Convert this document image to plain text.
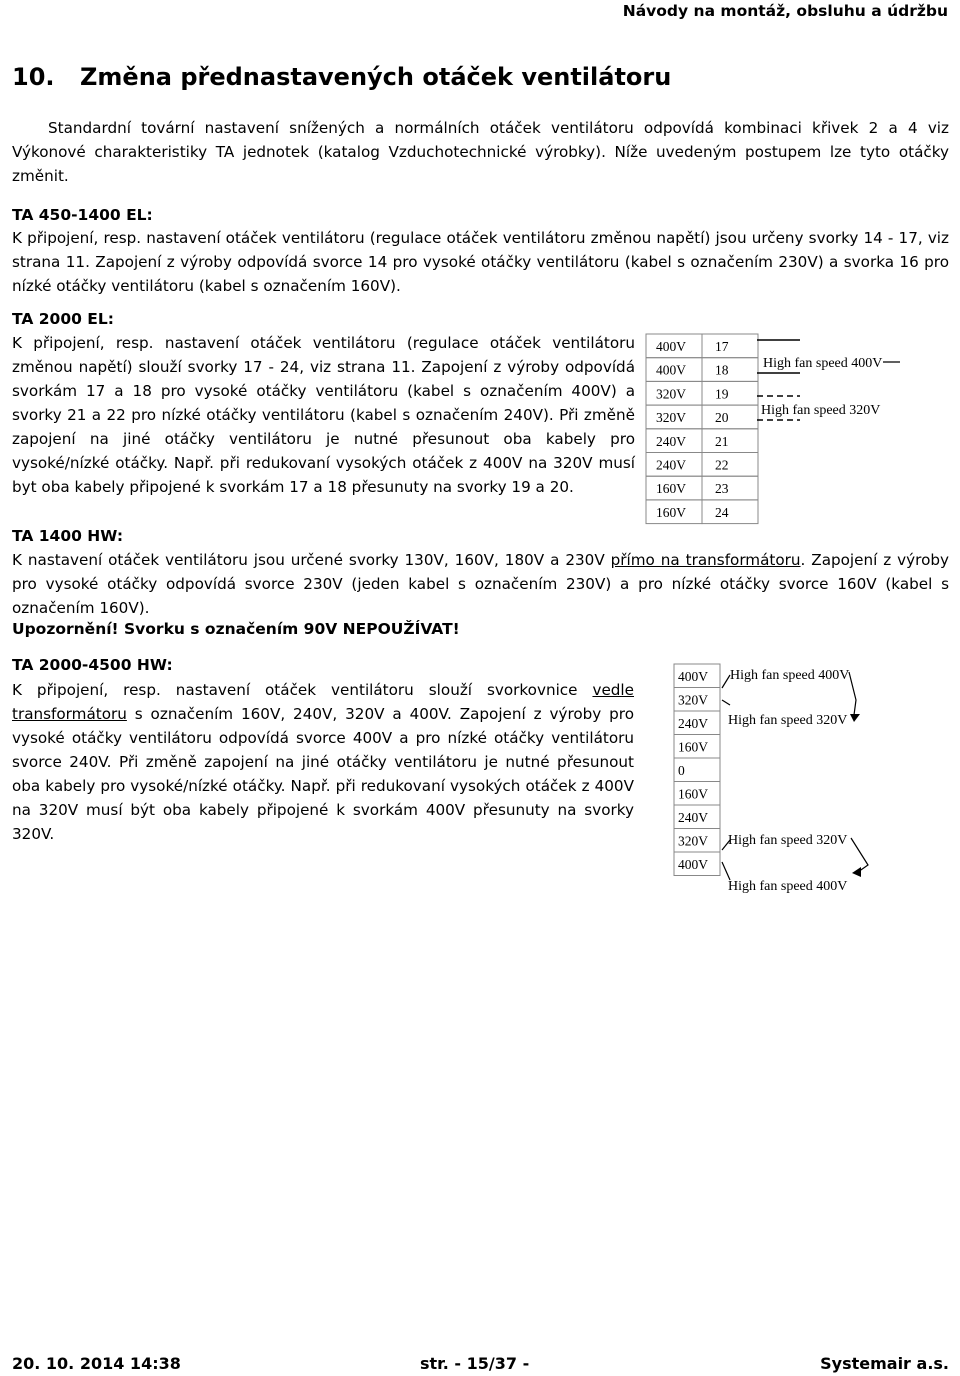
Návody na montáž, obsluhu a údržbu
10. Změna přednastavených otáček ventilátoru

Standardní tovární nastavení snížených a normálních otáček ventilátoru odpovídá kombinaci křivek 2 a 4 viz Výkonové charakteristiky TA jednotek (katalog Vzduchotechnické výrobky). Níže uvedeným postupem lze tyto otáčky změnit.

TA 450-1400 EL:

K připojení, resp. nastavení otáček ventilátoru (regulace otáček ventilátoru změnou napětí) jsou určeny svorky 14 - 17, viz strana 11. Zapojení z výroby odpovídá svorce 14 pro vysoké otáčky ventilátoru (kabel s označením 230V) a svorka 16 pro nízké otáčky ventilátoru (kabel s označením 160V).

TA 2000 EL:

K připojení, resp. nastavení otáček ventilátoru (regulace otáček ventilátoru změnou napětí) slouží svorky 17 - 24, viz strana 11. Zapojení z výroby odpovídá svorkám 17 a 18 pro vysoké otáčky ventilátoru (kabel s označením 400V) a svorky 21 a 22 pro nízké otáčky ventilátoru (kabel s označením 240V). Při změně zapojení na jiné otáčky ventilátoru je nutné přesunout oba kabely pro vysoké/nízké otáčky. Např. při redukovaní vysokých otáček z 400V na 320V musí byt oba kabely připojené k svorkám 17 a 18 přesunuty na svorky 19 a 20.

400V 17
400V 18
320V 19
320V 20
240V 21
240V 22
160V 23
160V 24
High fan speed 400V
High fan speed 320V
TA 1400 HW:

K nastavení otáček ventilátoru jsou určené svorky 130V, 160V, 180V a 230V přímo na transformátoru. Zapojení z výroby pro vysoké otáčky odpovídá svorce 230V (jeden kabel s označením 230V) a pro nízké otáčky svorce 160V (kabel s označením 160V).

Upozornění! Svorku s označením 90V NEPOUŽÍVAT!
TA 2000-4500 HW:

K připojení, resp. nastavení otáček ventilátoru slouží svorkovnice vedle transformátoru s označením 160V, 240V, 320V a 400V. Zapojení z výroby pro vysoké otáčky ventilátoru odpovídá svorce 400V a pro nízké otáčky ventilátoru svorce 240V. Při změně zapojení na jiné otáčky ventilátoru je nutné přesunout oba kabely pro vysoké/nízké otáčky. Např. při redukovaní vysokých otáček z 400V na 320V musí být oba kabely připojené k svorkám 400V přesunuty na svorky 320V.

400V
320V
240V
160V
0
160V
240V
320V
400V
High fan speed 400V
High fan speed 320V
High fan speed 320V
High fan speed 400V
20. 10. 2014 14:38	str. - 15/37 -	Systemair a.s.
